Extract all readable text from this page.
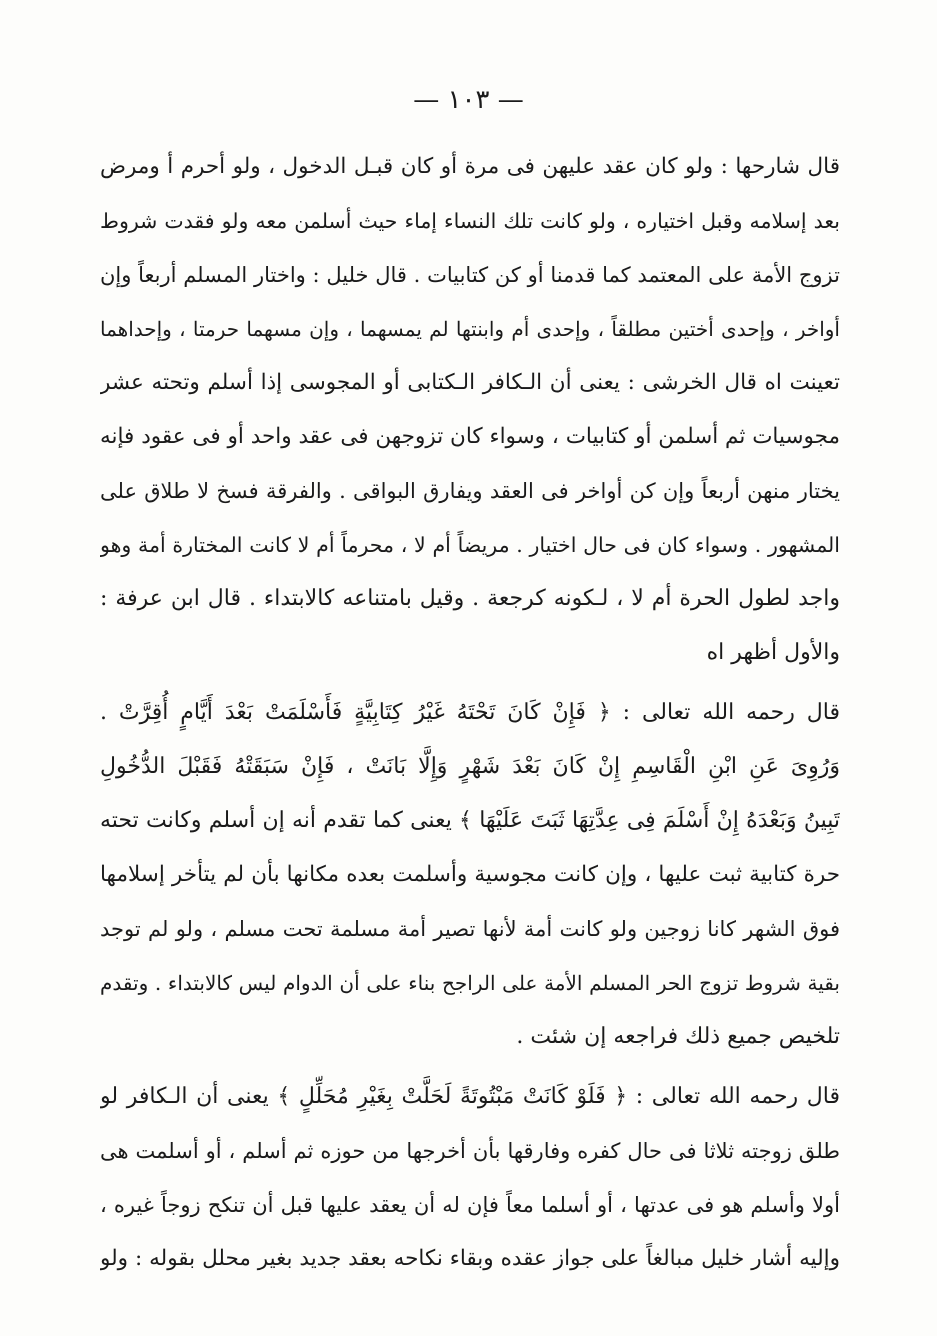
— ١٠٣ —
قال شارحها : ولو كان عقد عليهن فى مرة أو كان قبـل الدخول ، ولو أحرم أ ومرض
بعد إسلامه وقبل اختياره ، ولو كانت تلك النساء إماء حيث أسلمن معه ولو فقدت شروط
تزوج الأمة على المعتمد كما قدمنا أو كن كتابيات . قال خليل : واختار المسلم أربعاً وإن
أواخر ، وإحدى أختين مطلقاً ، وإحدى أم وابنتها لم يمسهما ، وإن مسهما حرمتا ، وإحداهما
تعينت اه قال الخرشى : يعنى أن الـكافر الـكتابى أو المجوسى إذا أسلم وتحته عشر
مجوسيات ثم أسلمن أو كتابيات ، وسواء كان تزوجهن فى عقد واحد أو فى عقود فإنه
يختار منهن أربعاً وإن كن أواخر فى العقد ويفارق البواقى . والفرقة فسخ لا طلاق على
المشهور . وسواء كان فى حال اختيار . مريضاً أم لا ، محرماً أم لا كانت المختارة أمة وهو
واجد لطول الحرة أم لا ، لـكونه كرجعة . وقيل بامتناعه كالابتداء . قال ابن عرفة :
والأول أظهر اه
قال رحمه الله تعالى : ﴿ فَإِنْ كَانَ تَحْتَهُ غَيْرُ كِتَابِيَّةٍ فَأَسْلَمَتْ بَعْدَ أَيَّامٍ أُقِرَّتْ .
وَرُوِىَ عَنِ ابْنِ الْقَاسِمِ إِنْ كَانَ بَعْدَ شَهْرٍ وَإِلَّا بَانَتْ ، فَإِنْ سَبَقَتْهُ فَقَبْلَ الدُّخُولِ
تَبِينُ وَبَعْدَهُ إِنْ أَسْلَمَ فِى عِدَّتِهَا ثَبَتَ عَلَيْهَا ﴾ يعنى كما تقدم أنه إن أسلم وكانت تحته
حرة كتابية ثبت عليها ، وإن كانت مجوسية وأسلمت بعده مكانها بأن لم يتأخر إسلامها
فوق الشهر كانا زوجين ولو كانت أمة لأنها تصير أمة مسلمة تحت مسلم ، ولو لم توجد
بقية شروط تزوج الحر المسلم الأمة على الراجح بناء على أن الدوام ليس كالابتداء . وتقدم
تلخيص جميع ذلك فراجعه إن شئت .
قال رحمه الله تعالى : ﴿ فَلَوْ كَانَتْ مَبْتُوتَةً لَحَلَّتْ بِغَيْرِ مُحَلِّلٍ ﴾ يعنى أن الـكافر لو
طلق زوجته ثلاثا فى حال كفره وفارقها بأن أخرجها من حوزه ثم أسلم ، أو أسلمت هى
أولا وأسلم هو فى عدتها ، أو أسلما معاً فإن له أن يعقد عليها قبل أن تنكح زوجاً غيره ،
وإليه أشار خليل مبالغاً على جواز عقده وبقاء نكاحه بعقد جديد بغير محلل بقوله : ولو
